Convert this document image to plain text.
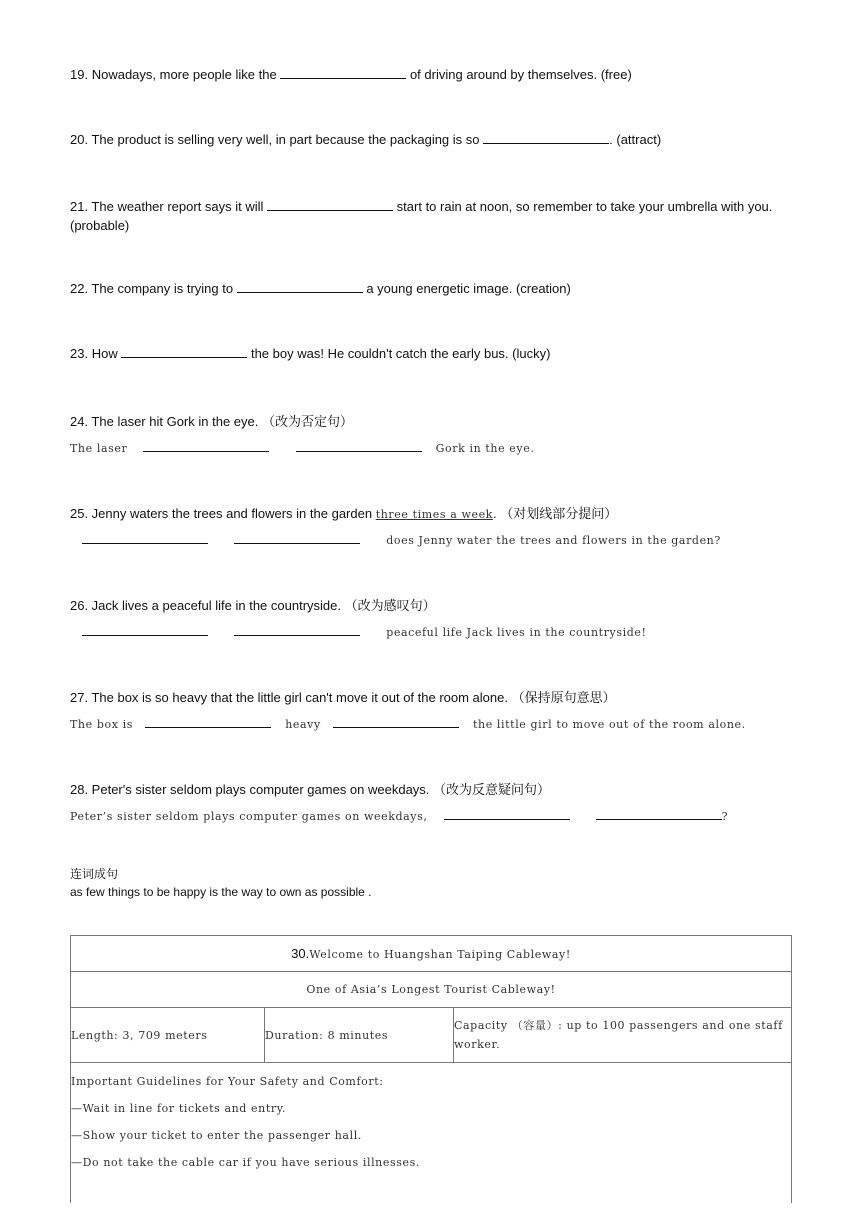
19. Nowadays, more people like the	of driving around by themselves. (free)
20. The product is selling very well, in part because the packaging is so	. (attract)
21. The weather report says it will	start to rain at noon, so remember to take your umbrella with you. (probable)
22. The company is trying to	a young energetic image. (creation)
23. How	the boy was! He couldn't catch the early bus. (lucky)
24. The laser hit Gork in the eye. （改为否定句）
The laser	Gork in the eye.
25. Jenny waters the trees and flowers in the garden three times a week. （对划线部分提问）
does Jenny water the trees and flowers in the garden?
26. Jack lives a peaceful life in the countryside. （改为感叹句）
peaceful life Jack lives in the countryside!
27. The box is so heavy that the little girl can't move it out of the room alone. （保持原句意思）
The box is	heavy	the little girl to move out of the room alone.
28. Peter's sister seldom plays computer games on weekdays. （改为反意疑问句）
Peter’s sister seldom plays computer games on weekdays,	?
连词成句
as few things to be happy is the way to own as possible .
30.Welcome to Huangshan Taiping Cableway!
One of Asia’s Longest Tourist Cableway!
Length: 3, 709 meters	Duration: 8 minutes	Capacity （容量）: up to 100 passengers and one staff worker.

Important Guidelines for Your Safety and Comfort:
—Wait in line for tickets and entry.
—Show your ticket to enter the passenger hall.
—Do not take the cable car if you have serious illnesses.
